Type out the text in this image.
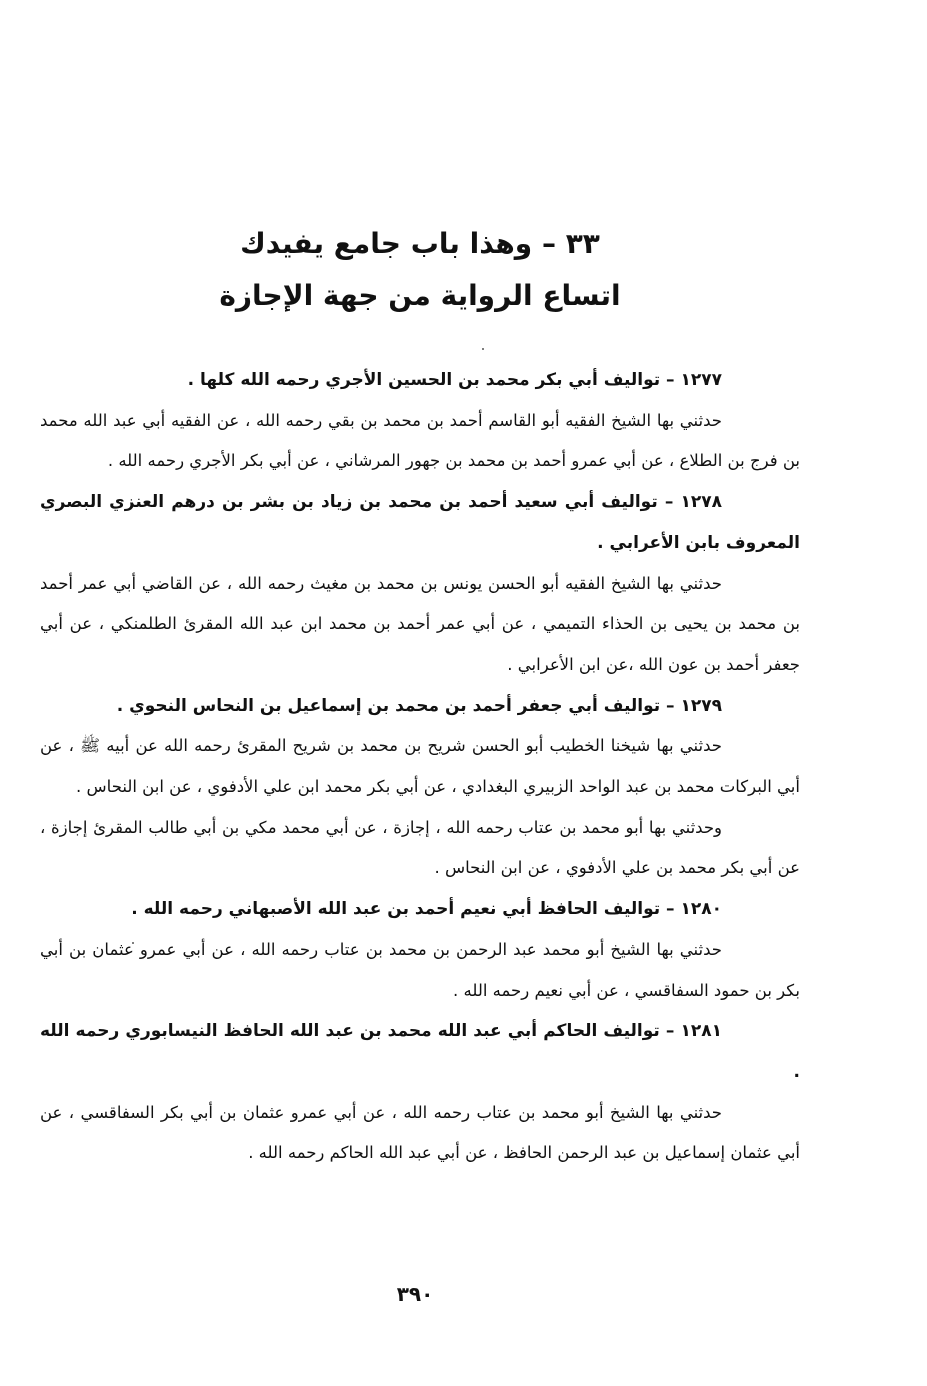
٣٣ – وهذا باب جامع يفيدك
اتساع الرواية من جهة الإجازة

١٢٧٧ – تواليف أبي بكر محمد بن الحسين الأجري رحمه الله كلها .

حدثني بها الشيخ الفقيه أبو القاسم أحمد بن محمد بن بقي رحمه الله ، عن الفقيه أبي عبد الله محمد بن فرج بن الطلاع ، عن أبي عمرو أحمد بن محمد بن جهور المرشاني ، عن أبي بكر الأجري رحمه الله .

١٢٧٨ – تواليف أبي سعيد أحمد بن محمد بن زياد بن بشر بن درهم العنزي البصري المعروف بابن الأعرابي .

حدثني بها الشيخ الفقيه أبو الحسن يونس بن محمد بن مغيث رحمه الله ، عن القاضي أبي عمر أحمد بن محمد بن يحيى بن الحذاء التميمي ، عن أبي عمر أحمد بن محمد ابن عبد الله المقرئ الطلمنكي ، عن أبي جعفر أحمد بن عون الله ،عن ابن الأعرابي .

١٢٧٩ – تواليف أبي جعفر أحمد بن محمد بن إسماعيل بن النحاس النحوي .

حدثني بها شيخنا الخطيب أبو الحسن شريح بن محمد بن شريح المقرئ رحمه الله عن أبيه ﷺ ، عن أبي البركات محمد بن عبد الواحد الزبيري البغدادي ، عن أبي بكر محمد ابن علي الأدفوي ، عن ابن النحاس .

وحدثني بها أبو محمد بن عتاب رحمه الله ، إجازة ، عن أبي محمد مكي بن أبي طالب المقرئ إجازة ، عن أبي بكر محمد بن علي الأدفوي ، عن ابن النحاس .

١٢٨٠ – تواليف الحافظ أبي نعيم أحمد بن عبد الله الأصبهاني رحمه الله .

حدثني بها الشيخ أبو محمد عبد الرحمن بن محمد بن عتاب رحمه الله ، عن أبي عمرو عثمان بن أبي بكر بن حمود السفاقسي ، عن أبي نعيم رحمه الله .

١٢٨١ – تواليف الحاكم أبي عبد الله محمد بن عبد الله الحافظ النيسابوري رحمه الله .

حدثني بها الشيخ أبو محمد بن عتاب رحمه الله ، عن أبي عمرو عثمان بن أبي بكر السفاقسي ، عن أبي عثمان إسماعيل بن عبد الرحمن الحافظ ، عن أبي عبد الله الحاكم رحمه الله .

٣٩٠
